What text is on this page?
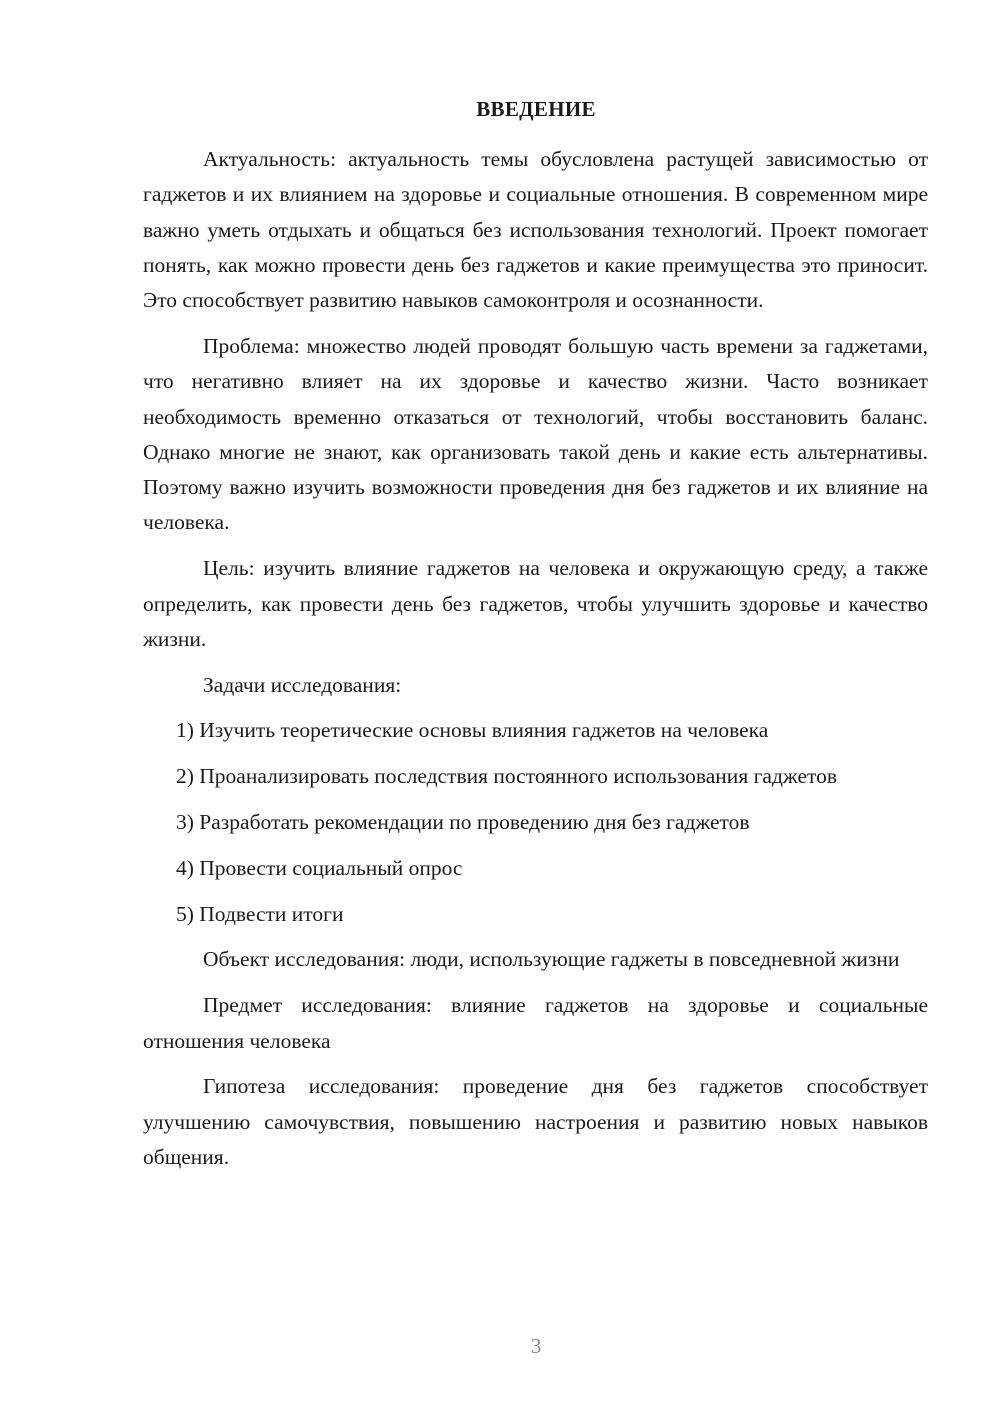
ВВЕДЕНИЕ

Актуальность: актуальность темы обусловлена растущей зависимостью от гаджетов и их влиянием на здоровье и социальные отношения. В современном мире важно уметь отдыхать и общаться без использования технологий. Проект помогает понять, как можно провести день без гаджетов и какие преимущества это приносит. Это способствует развитию навыков самоконтроля и осознанности.

Проблема: множество людей проводят большую часть времени за гаджетами, что негативно влияет на их здоровье и качество жизни. Часто возникает необходимость временно отказаться от технологий, чтобы восстановить баланс. Однако многие не знают, как организовать такой день и какие есть альтернативы. Поэтому важно изучить возможности проведения дня без гаджетов и их влияние на человека.

Цель: изучить влияние гаджетов на человека и окружающую среду, а также определить, как провести день без гаджетов, чтобы улучшить здоровье и качество жизни.

Задачи исследования:

1) Изучить теоретические основы влияния гаджетов на человека

2) Проанализировать последствия постоянного использования гаджетов

3) Разработать рекомендации по проведению дня без гаджетов

4) Провести социальный опрос

5) Подвести итоги

Объект исследования: люди, использующие гаджеты в повседневной жизни

Предмет исследования: влияние гаджетов на здоровье и социальные отношения человека

Гипотеза исследования: проведение дня без гаджетов способствует улучшению самочувствия, повышению настроения и развитию новых навыков общения.

3
